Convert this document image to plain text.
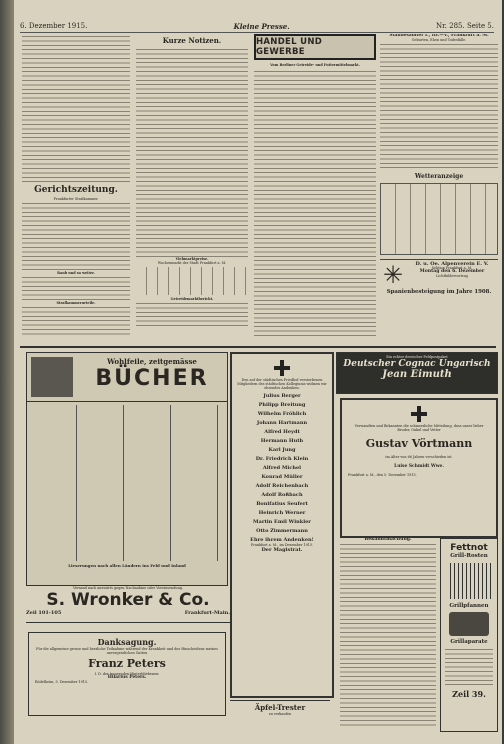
6. Dezember 1915.	Kleine Presse.	Nr. 285. Seite 5.
Gerichtszeitung.
Frankfurter Strafkammer.
Raub und so weiter.
Strafkammerurteile.
Kurze Notizen.
Viehmarktpreise.
Wochenmarkt der Stadt Frankfurt a. M.
Getreidemarktbericht.
HANDEL UND GEWERBE
Vom Berliner Getreide- und Futtermittelmarkt.
Standesämter I., III.—V., Frankfurt a. M.
Geburten, Ehen und Todesfälle.
Wetteranzeige
✳	D. u. Oe. Alpenverein E. V.
Sektion Frankfurt a. M.
Montag den 6. Dezember
Lichtbildervortrag
Spanienbesteigung im Jahre 1908.
Wohlfeile, zeitgemässe
BÜCHER
Lieserungen nach allen Ländern ins Feld und Inland
Versand nach auswärts gegen Nachnahme oder Voreinsendung.
S. Wronker & Co.
Zeil 101-105	Frankfurt-Main.
Danksagung.
Für die allgemeine grosse und herzliche Teilnahme während der Krankheit und des Hinscheidens meines unvergesslichen Gatten
Franz Peters
I. D. der trauernden Hinterbliebenen:
Hilarius Peters.
Rödelheim, 5. Dezember 1915.
Den auf der städtischen Friedhof verstorbenen Mitgliedern des städtischen Kollegiums widmen wir ehrendes Andenken:
Julius Berger
Philipp Breitung
Wilhelm Fröhlich
Johann Hartmann
Alfred Heydt
Hermann Huth
Karl Jung
Dr. Friedrich Klein
Alfred Michel
Konrad Müller
Adolf Reichenbach
Adolf Roßbach
Bonifatius Seufert
Heinrich Werner
Martin Emil Winkler
Otto Zimmermann
Ehre ihrem Andenken!
Frankfurt a. M., im Dezember 1915.
Der Magistrat.
Äpfel-Trester
zu verkaufen
Ein echter deutscher Feldpostpaket
Deutscher Cognac Ungarisch
Jean Eimuth
Verwandten und Bekannten die schmerzliche Mitteilung, dass unser lieber Bruder, Onkel und Vetter
Gustav Vörtmann
im Alter von 66 Jahren verschieden ist.
Luise Schmidt Wwe.
Frankfurt a. M., den 5. Dezember 1915.
Bekanntmachung.
Fettnot
Grill-Rosten
Grillpfannen
Grillaparate
Zeil 39.
